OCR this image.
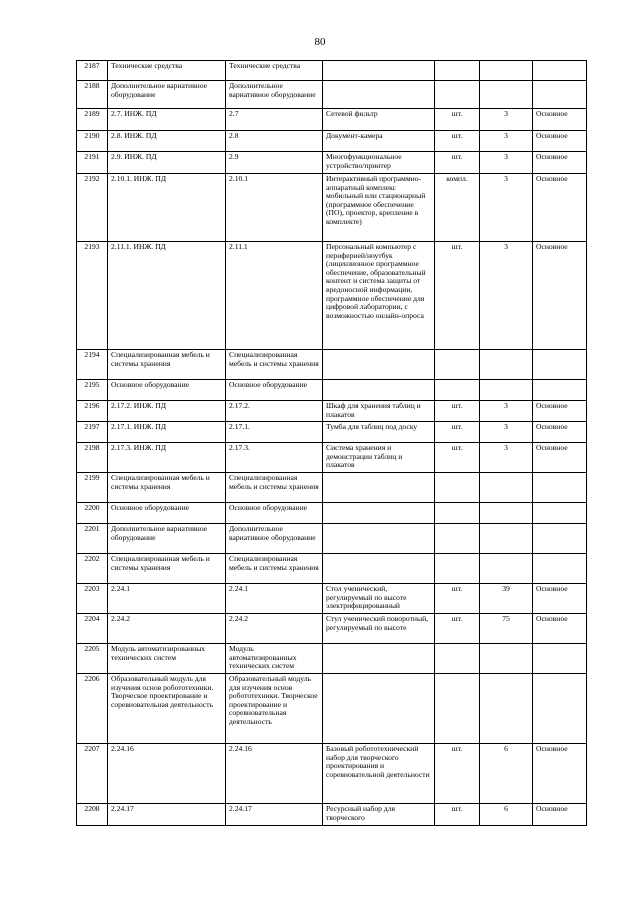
80
2187	Технические средства	Технические средства				
2188	Дополнительное вариативное оборудование	Дополнительное вариативное оборудование				
2189	2.7. ИНЖ. ПД	2.7	Сетевой фильтр	шт.	3	Основное
2190	2.8. ИНЖ. ПД	2.8	Документ-камера	шт.	3	Основное
2191	2.9. ИНЖ. ПД	2.9	Многофункциональное устройство/принтер	шт.	3	Основное
2192	2.10.1. ИНЖ. ПД	2.10.1	Интерактивный программно-аппаратный комплекс мобильный или стационарный (программное обеспечение (ПО), проектор, крепление в комплекте)	компл.	3	Основное
2193	2.11.1. ИНЖ. ПД	2.11.1	Персональный компьютер с периферией/ноутбук (лицензионное программное обеспечение, образовательный контент и система защиты от вредоносной информации, программное обеспечение для цифровой лаборатории, с возможностью онлайн-опроса	шт.	3	Основное
2194	Специализированная мебель и системы хранения	Специализированная мебель и системы хранения				
2195	Основное оборудование	Основное оборудование				
2196	2.17.2. ИНЖ. ПД	2.17.2.	Шкаф для хранения таблиц и плакатов	шт.	3	Основное
2197	2.17.1. ИНЖ. ПД	2.17.1.	Тумба для таблиц под доску	шт.	3	Основное
2198	2.17.3. ИНЖ. ПД	2.17.3.	Система хранения и демонстрации таблиц и плакатов	шт.	3	Основное
2199	Специализированная мебель и системы хранения	Специализированная мебель и системы хранения				
2200	Основное оборудование	Основное оборудование				
2201	Дополнительное вариативное оборудование	Дополнительное вариативное оборудование				
2202	Специализированная мебель и системы хранения	Специализированная мебель и системы хранения				
2203	2.24.1	2.24.1	Стол ученический, регулируемый по высоте электрифицированный	шт.	39	Основное
2204	2.24.2	2.24.2	Стул ученический поворотный, регулируемый по высоте	шт.	75	Основное
2205	Модуль автоматизированных технических систем	Модуль автоматизированных технических систем				
2206	Образовательный модуль для изучения основ робототехники. Творческое проектирование и соревновательная деятельность	Образовательный модуль для изучения основ робототехники. Творческое проектирование и соревновательная деятельность				
2207	2.24.16	2.24.16	Базовый робототехнический набор для творческого проектирования и соревновательной деятельности	шт.	6	Основное
2208	2.24.17	2.24.17	Ресурсный набор для творческого	шт.	6	Основное
